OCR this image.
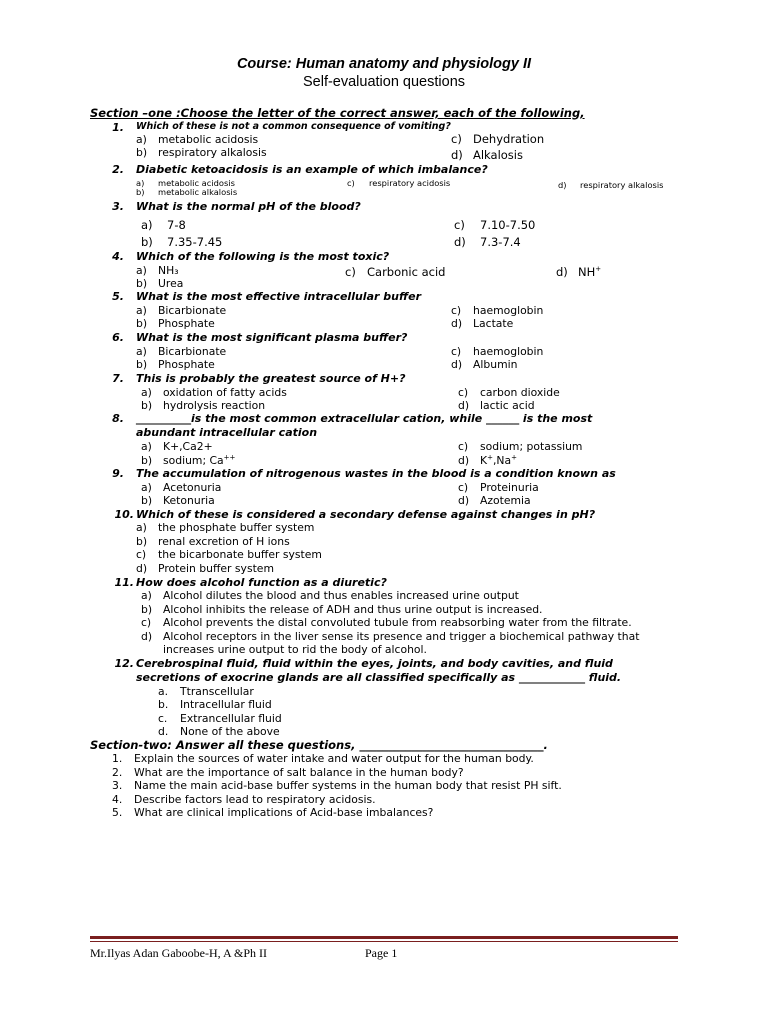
Course: Human anatomy and physiology II
Self-evaluation questions
Section –one :Choose the letter of the correct answer, each of the following,
1. Which of these is not a common consequence of vomiting?
a) metabolic acidosis
b) respiratory alkalosis
c) Dehydration
d) Alkalosis
2. Diabetic ketoacidosis is an example of which imbalance?
a) metabolic acidosis
b) metabolic alkalosis
c) respiratory acidosis	d) respiratory alkalosis
3. What is the normal pH of the blood?
a) 7-8
b) 7.35-7.45
c) 7.10-7.50
d) 7.3-7.4
4. Which of the following is the most toxic?
a) NH₃
b) Urea
c) Carbonic acid	d) NH+
5. What is the most effective intracellular buffer
a) Bicarbionate
b) Phosphate
c) haemoglobin
d) Lactate
6. What is the most significant plasma buffer?
a) Bicarbionate
b) Phosphate
c) haemoglobin
d) Albumin
7. This is probably the greatest source of H+?
a) oxidation of fatty acids
b) hydrolysis reaction
c) carbon dioxide
d) lactic acid
8. __________is the most common extracellular cation, while ______ is the most
abundant intracellular cation
a) K+,Ca2+
b) sodium; Ca++
c) sodium; potassium
d) K+,Na+
9. The accumulation of nitrogenous wastes in the blood is a condition known as
a) Acetonuria
b) Ketonuria
c) Proteinuria
d) Azotemia
10. Which of these is considered a secondary defense against changes in pH?
a) the phosphate buffer system
b) renal excretion of H ions
c) the bicarbonate buffer system
d) Protein buffer system
11. How does alcohol function as a diuretic?
a) Alcohol dilutes the blood and thus enables increased urine output
b) Alcohol inhibits the release of ADH and thus urine output is increased.
c) Alcohol prevents the distal convoluted tubule from reabsorbing water from the filtrate.
d) Alcohol receptors in the liver sense its presence and trigger a biochemical pathway that
increases urine output to rid the body of alcohol.
12. Cerebrospinal fluid, fluid within the eyes, joints, and body cavities, and fluid
secretions of exocrine glands are all classified specifically as ____________ fluid.
a. Ttranscellular
b. Intracellular fluid
c. Extrancellular fluid
d. None of the above
Section-two: Answer all these questions, ________________________________.
1. Explain the sources of water intake and water output for the human body.
2. What are the importance of salt balance in the human body?
3. Name the main acid-base buffer systems in the human body that resist PH sift.
4. Describe factors lead to respiratory acidosis.
5. What are clinical implications of Acid-base imbalances?
Mr.Ilyas Adan Gaboobe-H, A &Ph II	Page 1
